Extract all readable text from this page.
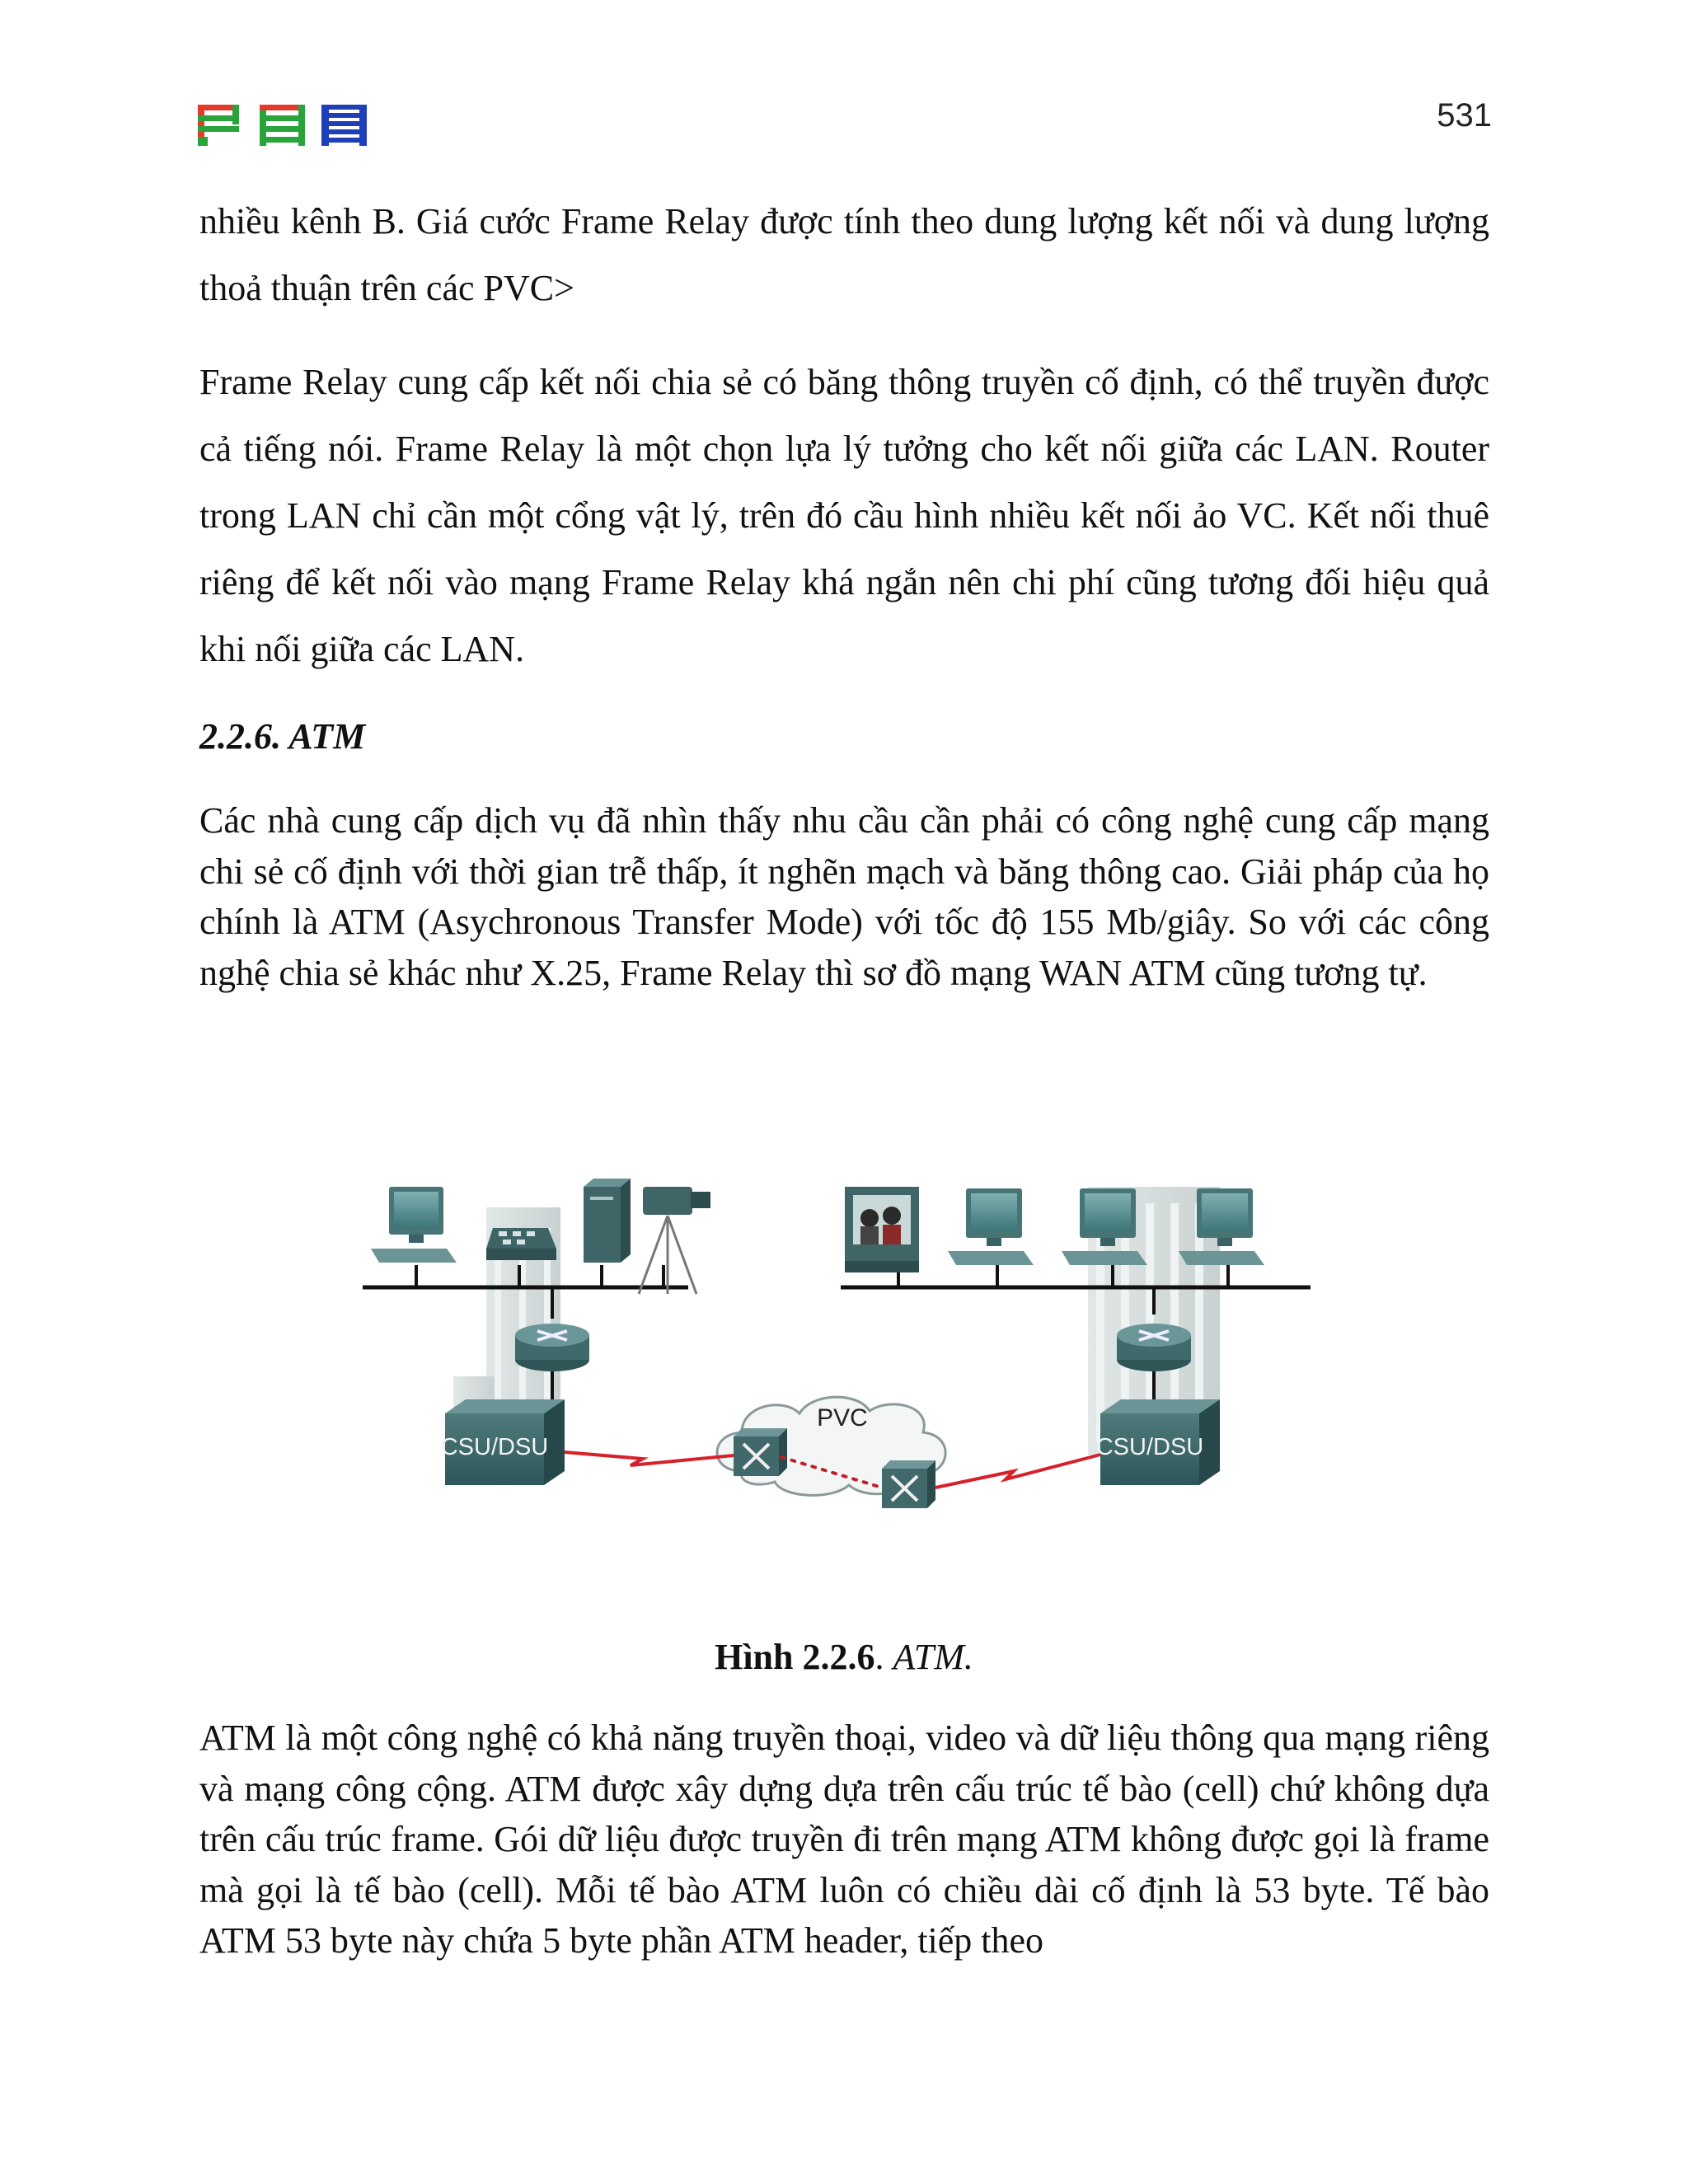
531

nhiều kênh B. Giá cước Frame Relay được tính theo dung lượng kết nối và dung lượng thoả thuận trên các PVC>

Frame Relay cung cấp kết nối chia sẻ có băng thông truyền cố định, có thể truyền được cả tiếng nói. Frame Relay là một chọn lựa lý tưởng cho kết nối giữa các LAN. Router trong LAN chỉ cần một cổng vật lý, trên đó cầu hình nhiều kết nối ảo VC. Kết nối thuê riêng để kết nối vào mạng Frame Relay khá ngắn nên chi phí cũng tương đối hiệu quả khi nối giữa các LAN.

2.2.6. ATM

Các nhà cung cấp dịch vụ đã nhìn thấy nhu cầu cần phải có công nghệ cung cấp mạng chi sẻ cố định với thời gian trễ thấp, ít nghẽn mạch và băng thông cao. Giải pháp của họ chính là ATM (Asychronous Transfer Mode) với tốc độ 155 Mb/giây. So với các công nghệ chia sẻ khác như X.25, Frame Relay thì sơ đồ mạng WAN ATM cũng tương tự.

CSU/DSU	CSU/DSU
PVC

Hình 2.2.6. ATM.

ATM là một công nghệ có khả năng truyền thoại, video và dữ liệu thông qua mạng riêng và mạng công cộng. ATM được xây dựng dựa trên cấu trúc tế bào (cell) chứ không dựa trên cấu trúc frame. Gói dữ liệu được truyền đi trên mạng ATM không được gọi là frame mà gọi là tế bào (cell). Mỗi tế bào ATM luôn có chiều dài cố định là 53 byte. Tế bào ATM 53 byte này chứa 5 byte phần ATM header, tiếp theo
